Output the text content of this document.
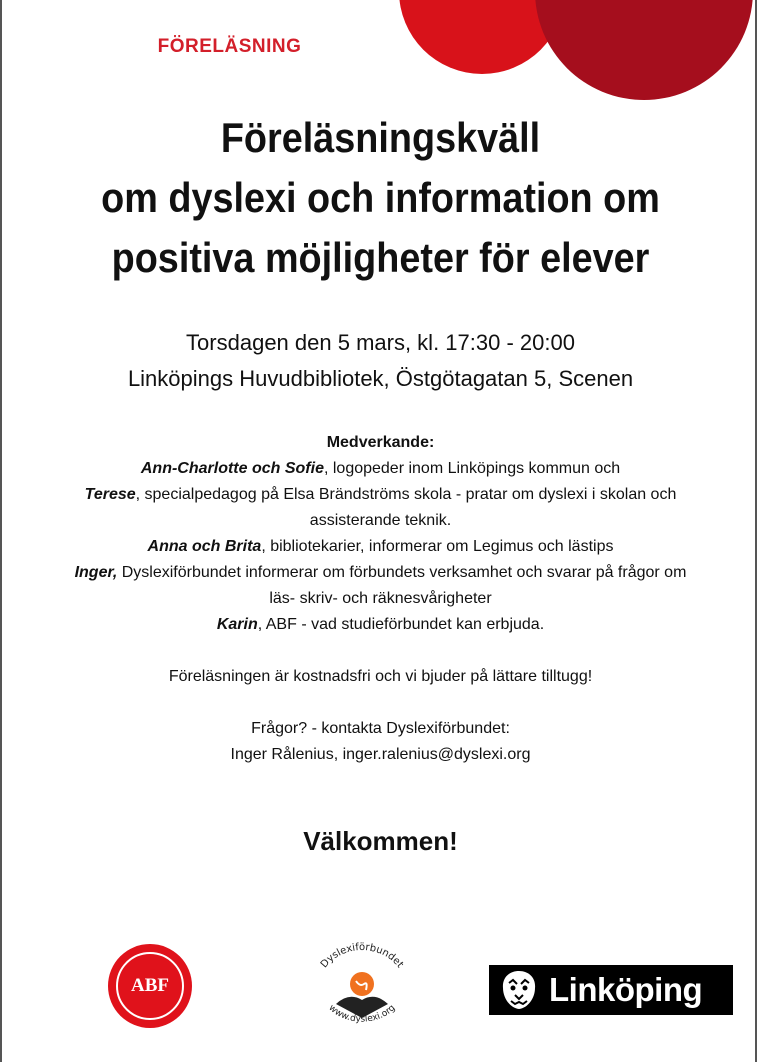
FÖRELÄSNING
Föreläsningskväll
om dyslexi och information om
positiva möjligheter för elever
Torsdagen den 5 mars, kl. 17:30 - 20:00
Linköpings Huvudbibliotek, Östgötagatan 5, Scenen

Medverkande:

Ann-Charlotte och Sofie, logopeder inom Linköpings kommun och

Terese, specialpedagog på Elsa Brändströms skola - pratar om dyslexi i skolan och assisterande teknik.

Anna och Brita, bibliotekarier, informerar om Legimus och lästips

Inger, Dyslexiförbundet informerar om förbundets verksamhet och svarar på frågor om läs- skriv- och räknesvårigheter

Karin, ABF - vad studieförbundet kan erbjuda.

Föreläsningen är kostnadsfri och vi bjuder på lättare tilltugg!

Frågor? - kontakta Dyslexiförbundet:

Inger Rålenius, inger.ralenius@dyslexi.org

Välkommen!
ABF
Dyslexiförbundet
www.dyslexi.org
Linköping
